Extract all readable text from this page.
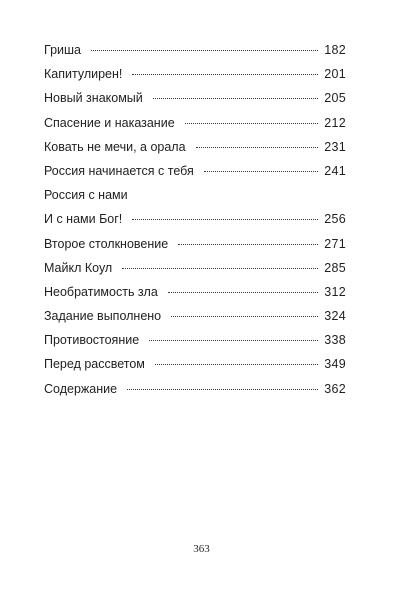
Гриша	182
Капитулирен!	201
Новый знакомый	205
Спасение и наказание	212
Ковать не мечи, а орала	231
Россия начинается с тебя	241
Россия с нами
И с нами Бог!	256
Второе столкновение	271
Майкл Коул	285
Необратимость зла	312
Задание выполнено	324
Противостояние	338
Перед рассветом	349
Содержание	362
363
